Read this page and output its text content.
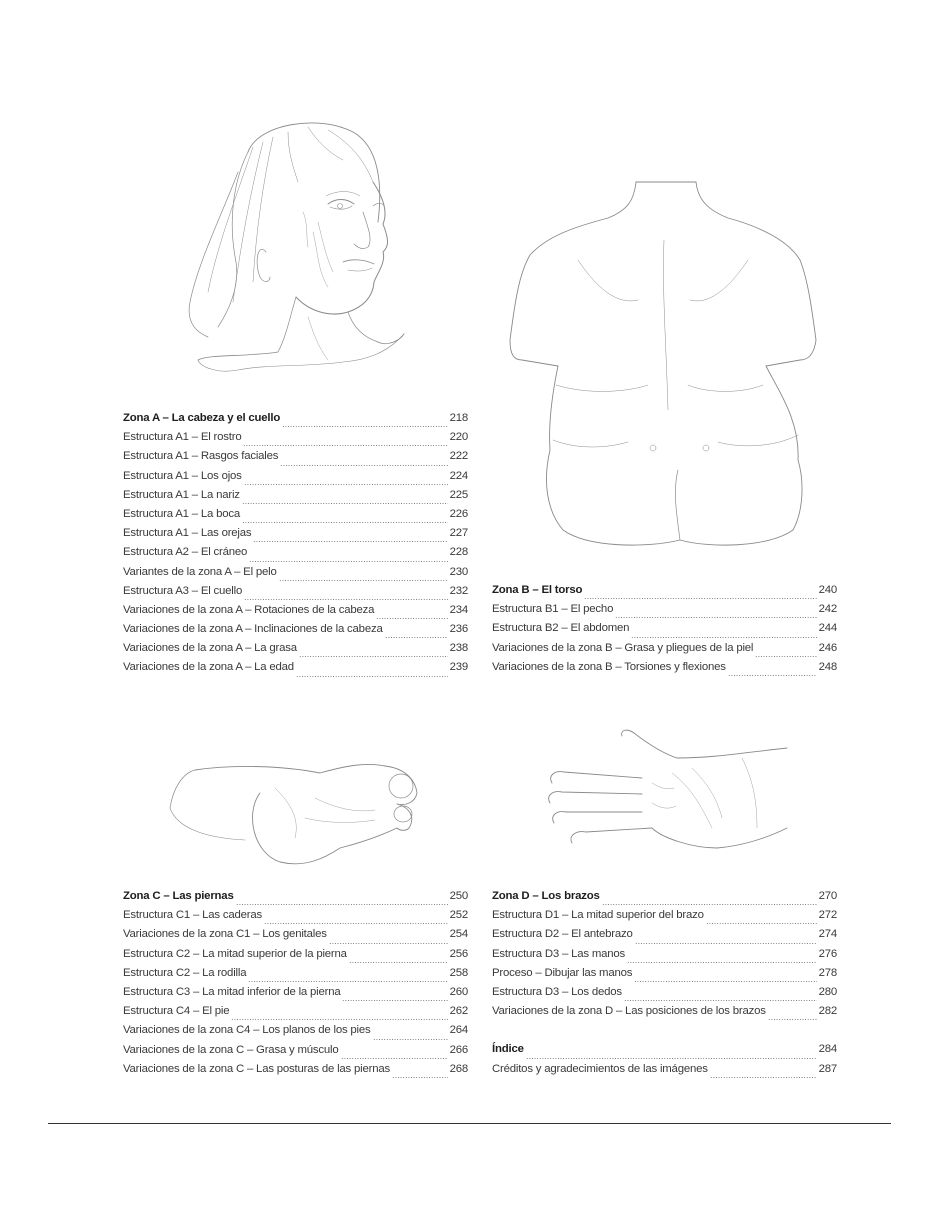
Zona A – La cabeza y el cuello	218
Estructura A1 – El rostro	220
Estructura A1 – Rasgos faciales	222
Estructura A1 – Los ojos	224
Estructura A1 – La nariz	225
Estructura A1 – La boca	226
Estructura A1 – Las orejas	227
Estructura A2 – El cráneo	228
Variantes de la zona A – El pelo	230
Estructura A3 – El cuello	232
Variaciones de la zona A – Rotaciones de la cabeza	234
Variaciones de la zona A – Inclinaciones de la cabeza	236
Variaciones de la zona A – La grasa	238
Variaciones de la zona A – La edad	239
Zona B – El torso	240
Estructura B1 – El pecho	242
Estructura B2 – El abdomen	244
Variaciones de la zona B – Grasa y pliegues de la piel	246
Variaciones de la zona B – Torsiones y flexiones	248
Zona C – Las piernas	250
Estructura C1 – Las caderas	252
Variaciones de la zona C1 – Los genitales	254
Estructura C2 – La mitad superior de la pierna	256
Estructura C2 – La rodilla	258
Estructura C3 – La mitad inferior de la pierna	260
Estructura C4 – El pie	262
Variaciones de la zona C4 – Los planos de los pies	264
Variaciones de la zona C – Grasa y músculo	266
Variaciones de la zona C – Las posturas de las piernas	268
Zona D – Los brazos	270
Estructura D1 – La mitad superior del brazo	272
Estructura D2 – El antebrazo	274
Estructura D3 – Las manos	276
Proceso – Dibujar las manos	278
Estructura D3 – Los dedos	280
Variaciones de la zona D – Las posiciones de los brazos	282
Índice	284
Créditos y agradecimientos de las imágenes	287
